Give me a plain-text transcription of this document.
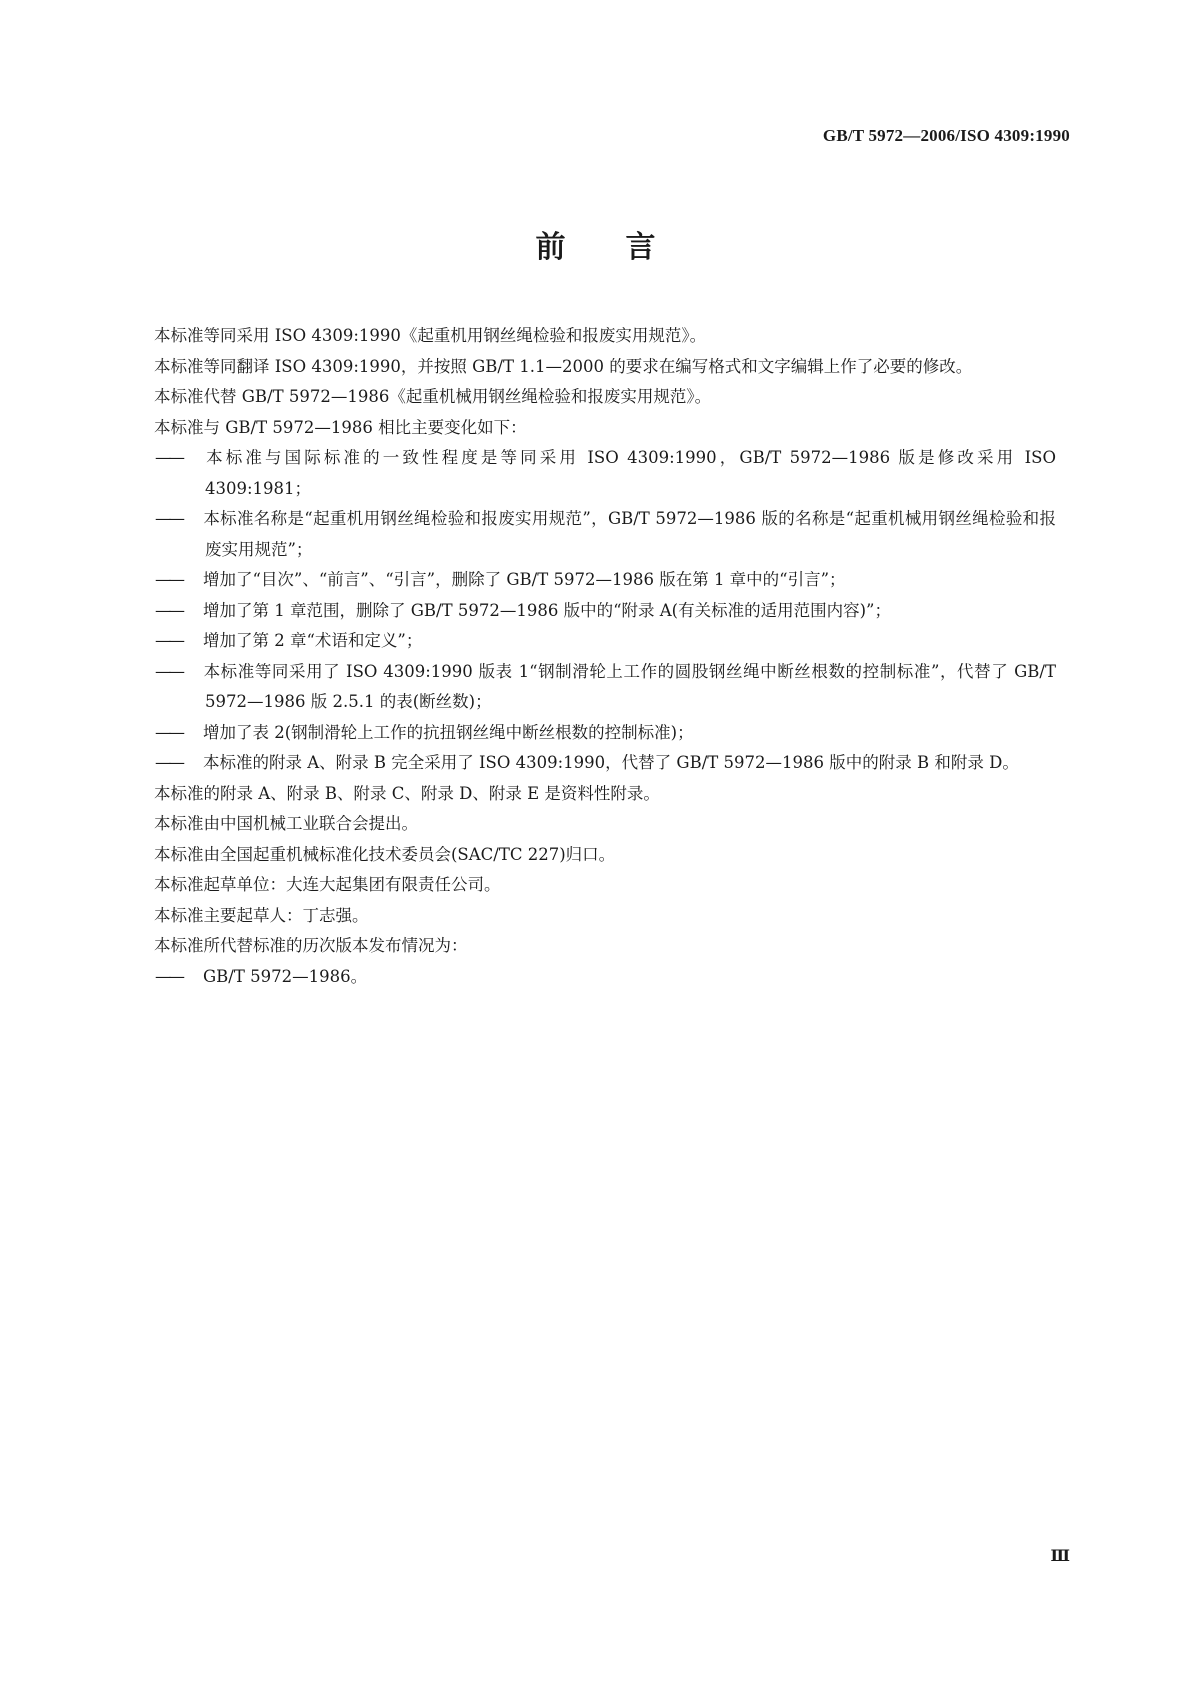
GB/T 5972—2006/ISO 4309:1990
前 言

本标准等同采用 ISO 4309:1990《起重机用钢丝绳检验和报废实用规范》。

本标准等同翻译 ISO 4309:1990，并按照 GB/T 1.1—2000 的要求在编写格式和文字编辑上作了必要的修改。

本标准代替 GB/T 5972—1986《起重机械用钢丝绳检验和报废实用规范》。

本标准与 GB/T 5972—1986 相比主要变化如下：

—— 本标准与国际标准的一致性程度是等同采用 ISO 4309:1990，GB/T 5972—1986 版是修改采用 ISO 4309:1981；

—— 本标准名称是“起重机用钢丝绳检验和报废实用规范”，GB/T 5972—1986 版的名称是“起重机械用钢丝绳检验和报废实用规范”；

—— 增加了“目次”、“前言”、“引言”，删除了 GB/T 5972—1986 版在第 1 章中的“引言”；

—— 增加了第 1 章范围，删除了 GB/T 5972—1986 版中的“附录 A(有关标准的适用范围内容)”；

—— 增加了第 2 章“术语和定义”；

—— 本标准等同采用了 ISO 4309:1990 版表 1“钢制滑轮上工作的圆股钢丝绳中断丝根数的控制标准”，代替了 GB/T 5972—1986 版 2.5.1 的表(断丝数)；

—— 增加了表 2(钢制滑轮上工作的抗扭钢丝绳中断丝根数的控制标准)；

—— 本标准的附录 A、附录 B 完全采用了 ISO 4309:1990，代替了 GB/T 5972—1986 版中的附录 B 和附录 D。

本标准的附录 A、附录 B、附录 C、附录 D、附录 E 是资料性附录。

本标准由中国机械工业联合会提出。

本标准由全国起重机械标准化技术委员会(SAC/TC 227)归口。

本标准起草单位：大连大起集团有限责任公司。

本标准主要起草人：丁志强。

本标准所代替标准的历次版本发布情况为：

—— GB/T 5972—1986。

Ⅲ
